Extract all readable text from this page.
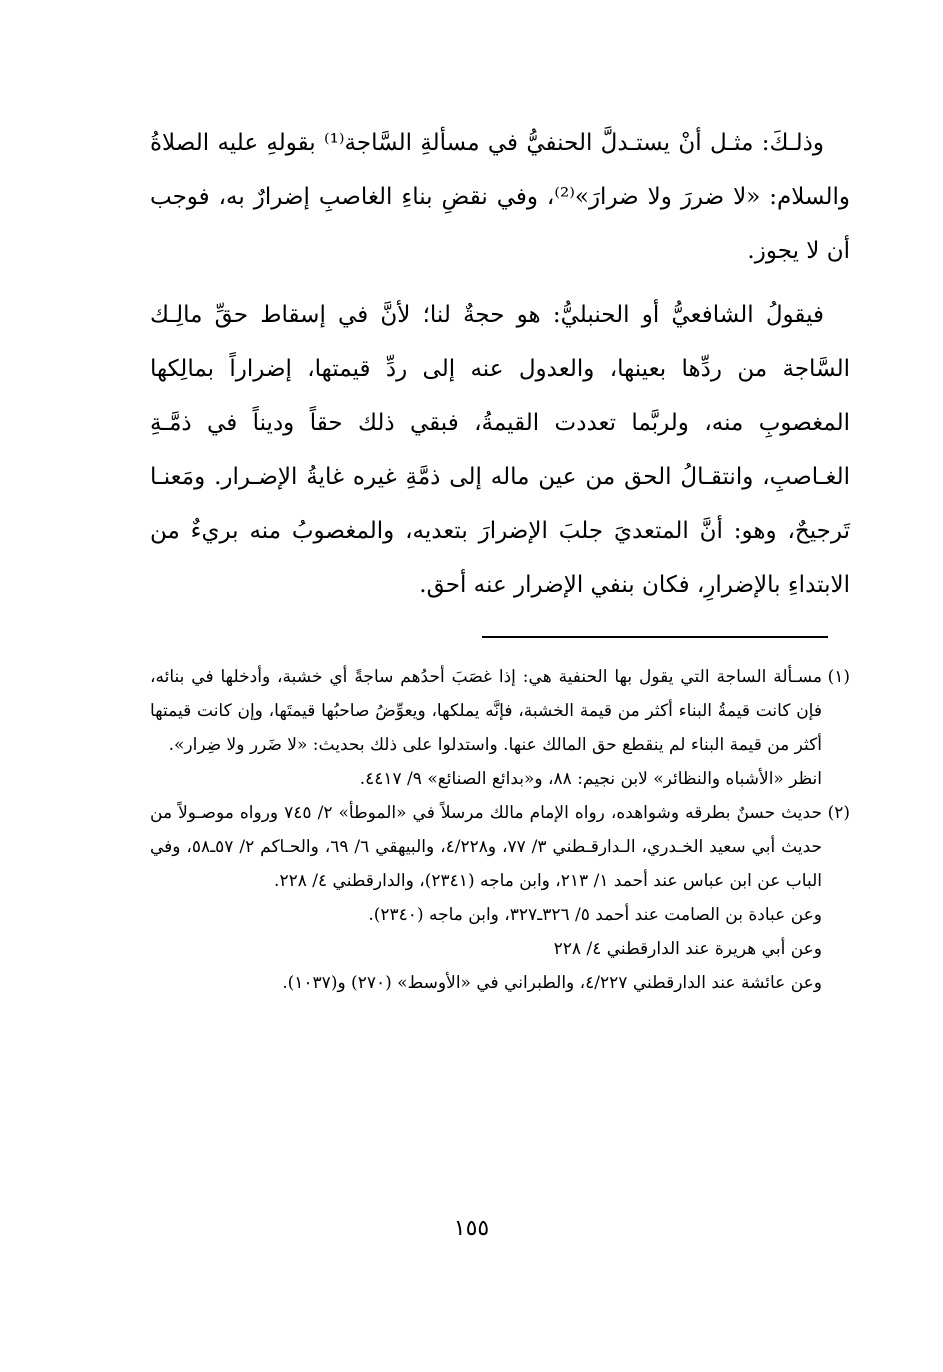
وذلـكَ: مثـل أنْ يستـدلَّ الحنفيُّ في مسألةِ السَّاجة⁽¹⁾ بقولهِ عليه الصلاةُ والسلام: «لا ضررَ ولا ضرارَ»⁽²⁾، وفي نقضِ بناءِ الغاصبِ إضرارٌ به، فوجب أن لا يجوز.

فيقولُ الشافعيُّ أو الحنبليُّ: هو حجةٌ لنا؛ لأنَّ في إسقاط حقِّ مالِـك السَّاجة من ردِّها بعينها، والعدول عنه إلى ردِّ قيمتها، إضراراً بمالِكها المغصوبِ منه، ولربَّما تعددت القيمةُ، فبقي ذلك حقاً وديناً في ذمَّـةِ الغـاصبِ، وانتقـالُ الحق من عين ماله إلى ذمَّةِ غيره غايةُ الإضـرار. ومَعنـا تَرجيحٌ، وهو: أنَّ المتعديَ جلبَ الإضرارَ بتعديه، والمغصوبُ منه بريءٌ من الابتداءِ بالإضرارِ، فكان بنفي الإضرار عنه أحق.

(١)مسـألة الساجة التي يقول بها الحنفية هي: إذا غصَبَ أحدُهم ساجةً أي خشبة، وأدخلها في بنائه، فإن كانت قيمةُ البناء أكثر من قيمة الخشبة، فإنَّه يملكها، ويعوِّضُ صاحبُها قيمتَها، وإن كانت قيمتها أكثر من قيمة البناء لم ينقطع حق المالك عنها. واستدلوا على ذلك بحديث: «لا ضَرر ولا ضِرار».
انظر «الأشباه والنظائر» لابن نجيم: ٨٨، و«بدائع الصنائع» ٩/ ٤٤١٧.

(٢)حديث حسنٌ بطرقه وشواهده، رواه الإمام مالك مرسلاً في «الموطأ» ٢/ ٧٤٥ ورواه موصـولاً من حديث أبي سعيد الخـدري، الـدارقـطني ٣/ ٧٧، و٤/٢٢٨، والبيهقي ٦/ ٦٩، والحـاكم ٢/ ٥٧ـ٥٨، وفي الباب عن ابن عباس عند أحمد ١/ ٢١٣، وابن ماجه (٢٣٤١)، والدارقطني ٤/ ٢٢٨.
وعن عبادة بن الصامت عند أحمد ٥/ ٣٢٦ـ٣٢٧، وابن ماجه (٢٣٤٠).
وعن أبي هريرة عند الدارقطني ٤/ ٢٢٨
وعن عائشة عند الدارقطني ٤/٢٢٧، والطبراني في «الأوسط» (٢٧٠) و(١٠٣٧).

١٥٥
